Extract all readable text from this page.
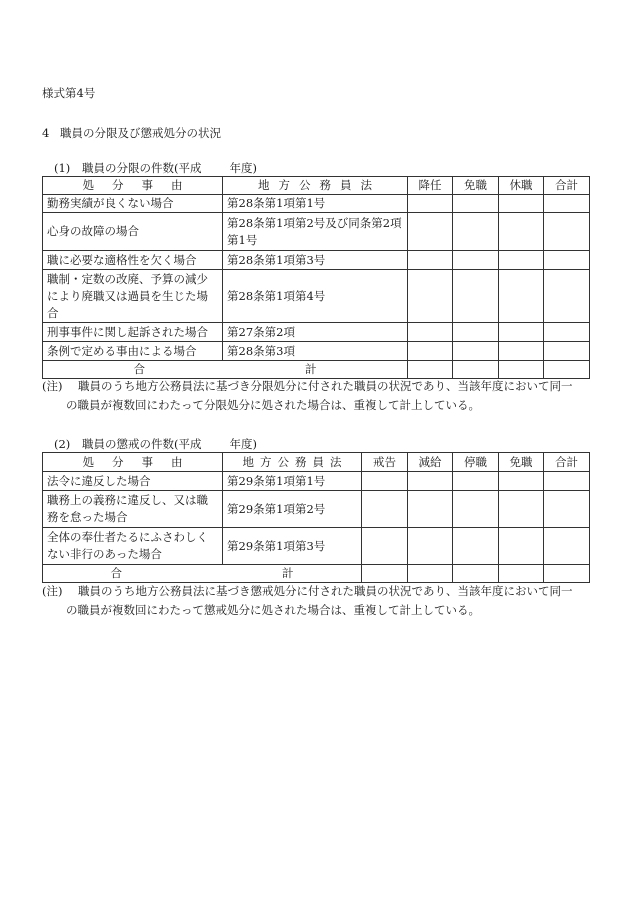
様式第4号
4 職員の分限及び懲戒処分の状況
(1) 職員の分限の件数(平成 年度)
処分事由	地方公務員法	降任	免職	休職	合計
勤務実績が良くない場合	第28条第1項第1号				
心身の故障の場合	第28条第1項第2号及び同条第2項第1号				
職に必要な適格性を欠く場合	第28条第1項第3号				
職制・定数の改廃、予算の減少により廃職又は過員を生じた場合	第28条第1項第4号				
刑事事件に関し起訴された場合	第27条第2項				
条例で定める事由による場合	第28条第3項				
合 計					
(注) 職員のうち地方公務員法に基づき分限処分に付された職員の状況であり、当該年度において同一
の職員が複数回にわたって分限処分に処された場合は、重複して計上している。
(2) 職員の懲戒の件数(平成 年度)
処分事由	地方公務員法	戒告	減給	停職	免職	合計
法令に違反した場合	第29条第1項第1号					
職務上の義務に違反し、又は職務を怠った場合	第29条第1項第2号					
全体の奉仕者たるにふさわしくない非行のあった場合	第29条第1項第3号					
合 計						
(注) 職員のうち地方公務員法に基づき懲戒処分に付された職員の状況であり、当該年度において同一
の職員が複数回にわたって懲戒処分に処された場合は、重複して計上している。
